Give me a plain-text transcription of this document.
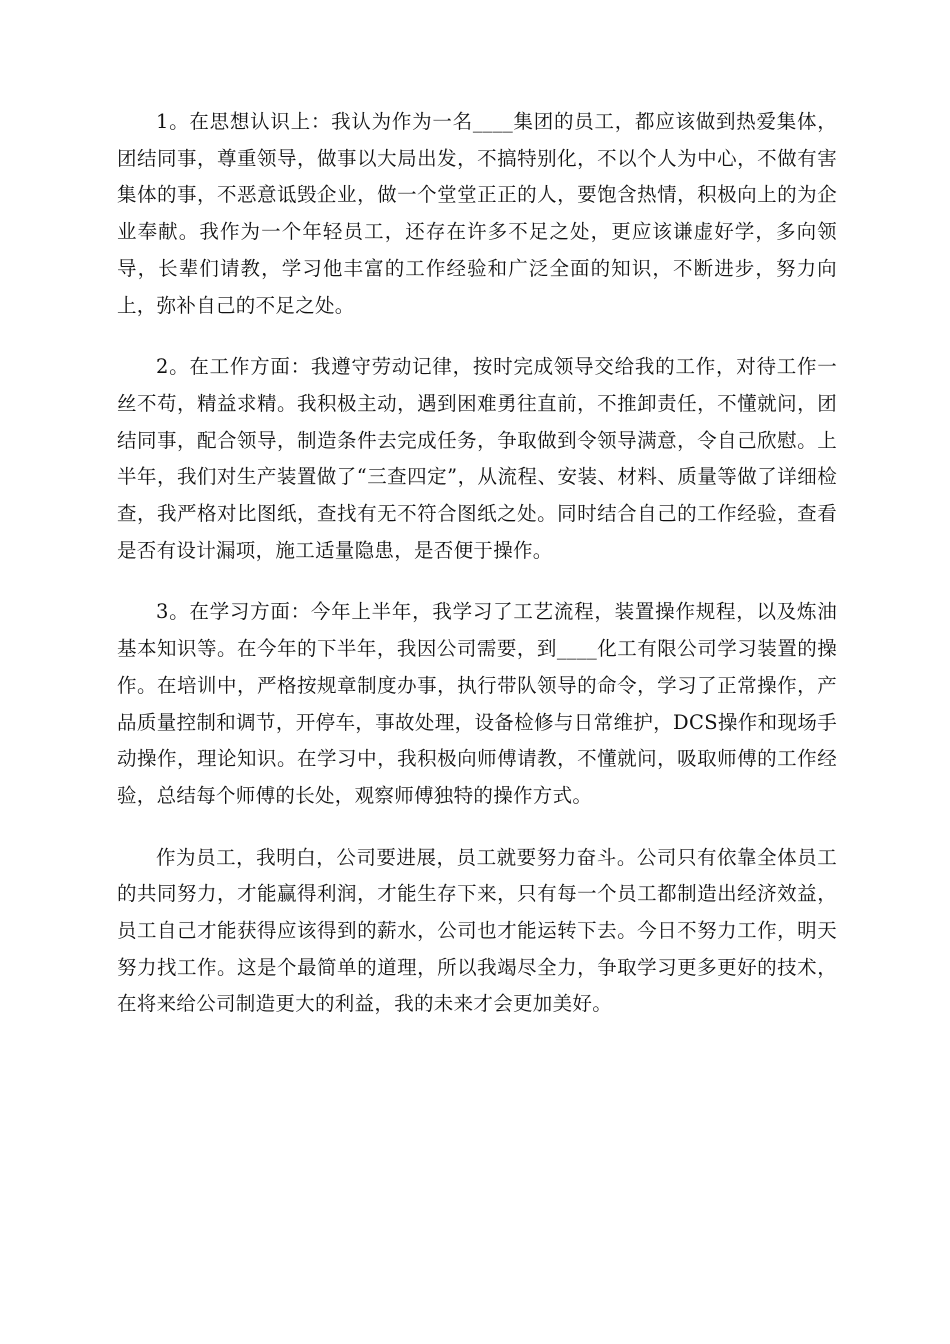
1。在思想认识上：我认为作为一名____集团的员工，都应该做到热爱集体，团结同事，尊重领导，做事以大局出发，不搞特别化，不以个人为中心，不做有害集体的事，不恶意诋毁企业，做一个堂堂正正的人，要饱含热情，积极向上的为企业奉献。我作为一个年轻员工，还存在许多不足之处，更应该谦虚好学，多向领导，长辈们请教，学习他丰富的工作经验和广泛全面的知识，不断进步，努力向上，弥补自己的不足之处。

2。在工作方面：我遵守劳动记律，按时完成领导交给我的工作，对待工作一丝不苟，精益求精。我积极主动，遇到困难勇往直前，不推卸责任，不懂就问，团结同事，配合领导，制造条件去完成任务，争取做到令领导满意，令自己欣慰。上半年，我们对生产装置做了“三查四定”，从流程、安装、材料、质量等做了详细检查，我严格对比图纸，查找有无不符合图纸之处。同时结合自己的工作经验，查看是否有设计漏项，施工适量隐患，是否便于操作。

3。在学习方面：今年上半年，我学习了工艺流程，装置操作规程，以及炼油基本知识等。在今年的下半年，我因公司需要，到____化工有限公司学习装置的操作。在培训中，严格按规章制度办事，执行带队领导的命令，学习了正常操作，产品质量控制和调节，开停车，事故处理，设备检修与日常维护，DCS操作和现场手动操作，理论知识。在学习中，我积极向师傅请教，不懂就问，吸取师傅的工作经验，总结每个师傅的长处，观察师傅独特的操作方式。

作为员工，我明白，公司要进展，员工就要努力奋斗。公司只有依靠全体员工的共同努力，才能赢得利润，才能生存下来，只有每一个员工都制造出经济效益，员工自己才能获得应该得到的薪水，公司也才能运转下去。今日不努力工作，明天努力找工作。这是个最简单的道理，所以我竭尽全力，争取学习更多更好的技术，在将来给公司制造更大的利益，我的未来才会更加美好。
